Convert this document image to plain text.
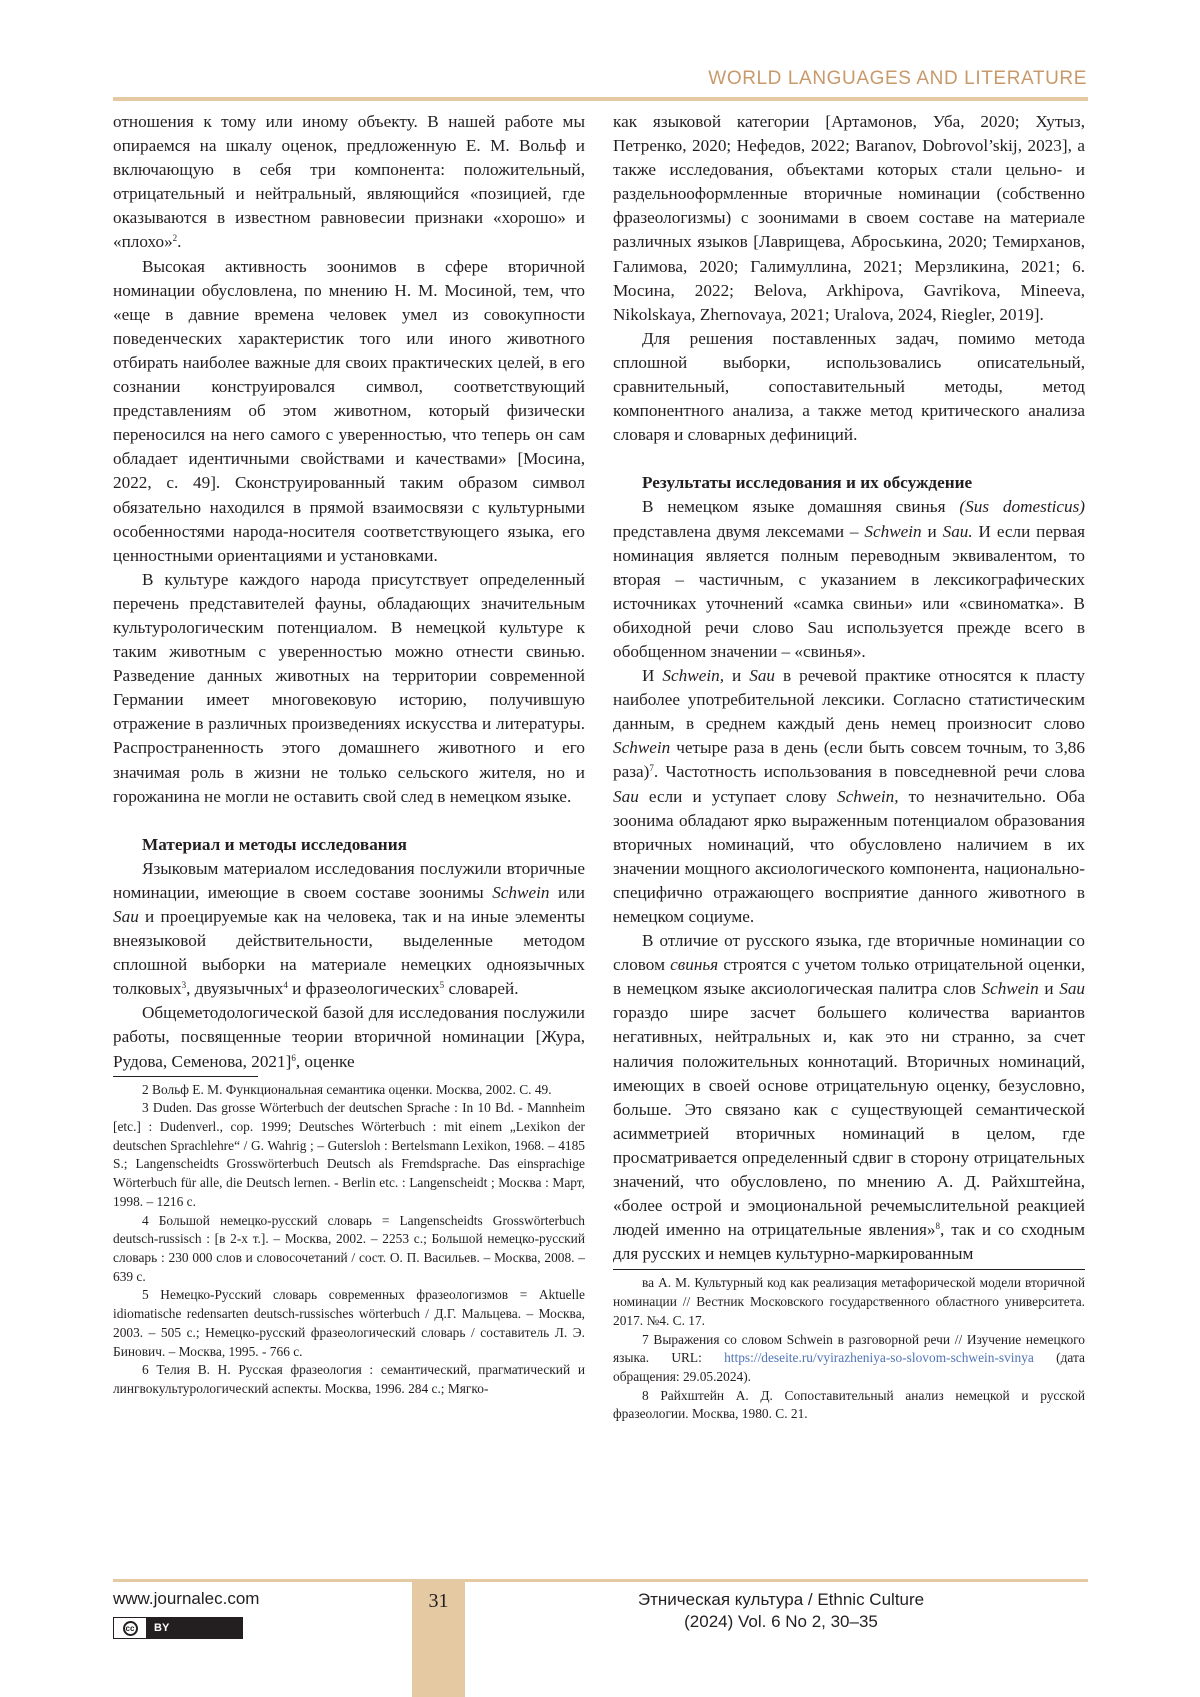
WORLD LANGUAGES AND LITERATURE

отношения к тому или иному объекту. В нашей работе мы опираемся на шкалу оценок, предложенную Е. М. Вольф и включающую в себя три компонента: положительный, отрицательный и нейтральный, являющийся «позицией, где оказываются в известном равновесии признаки «хорошо» и «плохо»$^2$.

Высокая активность зоонимов в сфере вторичной номинации обусловлена, по мнению Н. М. Мосиной, тем, что «еще в давние времена человек умел из совокупности поведенческих характеристик того или иного животного отбирать наиболее важные для своих практических целей, в его сознании конструировался символ, соответствующий представлениям об этом животном, который физически переносился на него самого с уверенностью, что теперь он сам обладает идентичными свойствами и качествами» [Мосина, 2022, с. 49]. Сконструированный таким образом символ обязательно находился в прямой взаимосвязи с культурными особенностями народа-носителя соответствующего языка, его ценностными ориентациями и установками.

В культуре каждого народа присутствует определенный перечень представителей фауны, обладающих значительным культурологическим потенциалом. В немецкой культуре к таким животным с уверенностью можно отнести свинью. Разведение данных животных на территории современной Германии имеет многовековую историю, получившую отражение в различных произведениях искусства и литературы. Распространенность этого домашнего животного и его значимая роль в жизни не только сельского жителя, но и горожанина не могли не оставить свой след в немецком языке.

Материал и методы исследования

Языковым материалом исследования послужили вторичные номинации, имеющие в своем составе зоонимы Schwein или Sau и проецируемые как на человека, так и на иные элементы внеязыковой действительности, выделенные методом сплошной выборки на материале немецких одноязычных толковых$^3$, двуязычных$^4$ и фразеологических$^5$ словарей.

Общеметодологической базой для исследования послужили работы, посвященные теории вторичной номинации [Жура, Рудова, Семенова, 2021]$^6$, оценке

2 Вольф Е. М. Функциональная семантика оценки. Москва, 2002. С. 49.

3 Duden. Das grosse Wörterbuch der deutschen Sprache : In 10 Bd. - Mannheim [etc.] : Dudenverl., cop. 1999; Deutsches Wörterbuch : mit einem „Lexikon der deutschen Sprachlehre“ / G. Wahrig ; – Gutersloh : Bertelsmann Lexikon, 1968. – 4185 S.; Langenscheidts Grosswörterbuch Deutsch als Fremdsprache. Das einsprachige Wörterbuch für alle, die Deutsch lernen. - Berlin etc. : Langenscheidt ; Москва : Март, 1998. – 1216 с.

4 Большой немецко-русский словарь = Langenscheidts Grosswörterbuch deutsch-russisch : [в 2-х т.]. – Москва, 2002. – 2253 с.; Большой немецко-русский словарь : 230 000 слов и словосочетаний / сост. О. П. Васильев. – Москва, 2008. – 639 с.

5 Немецко-Русский словарь современных фразеологизмов = Aktuelle idiomatische redensarten deutsch-russisches wörterbuch / Д.Г. Мальцева. – Москва, 2003. – 505 с.; Немецко-русский фразеологический словарь / составитель Л. Э. Бинович. – Москва, 1995. - 766 с.

6 Телия В. Н. Русская фразеология : семантический, прагматический и лингвокультурологический аспекты. Москва, 1996. 284 с.; Мягко-

как языковой категории [Артамонов, Уба, 2020; Хутыз, Петренко, 2020; Нефедов, 2022; Baranov, Dobrovol’skij, 2023], а также исследования, объектами которых стали цельно- и раздельнооформленные вторичные номинации (собственно фразеологизмы) с зоонимами в своем составе на материале различных языков [Лаврищева, Аброськина, 2020; Темирханов, Галимова, 2020; Галимуллина, 2021; Мерзликина, 2021; 6. Мосина, 2022; Belova, Arkhipova, Gavrikova, Mineeva, Nikolskaya, Zhernovaya, 2021; Uralova, 2024, Riegler, 2019].

Для решения поставленных задач, помимо метода сплошной выборки, использовались описательный, сравнительный, сопоставительный методы, метод компонентного анализа, а также метод критического анализа словаря и словарных дефиниций.

Результаты исследования и их обсуждение

В немецком языке домашняя свинья (Sus domesticus) представлена двумя лексемами – Schwein и Sau. И если первая номинация является полным переводным эквивалентом, то вторая – частичным, с указанием в лексикографических источниках уточнений «самка свиньи» или «свиноматка». В обиходной речи слово Sau используется прежде всего в обобщенном значении – «свинья».

И Schwein, и Sau в речевой практике относятся к пласту наиболее употребительной лексики. Согласно статистическим данным, в среднем каждый день немец произносит слово Schwein четыре раза в день (если быть совсем точным, то 3,86 раза)$^7$. Частотность использования в повседневной речи слова Sau если и уступает слову Schwein, то незначительно. Оба зоонима обладают ярко выраженным потенциалом образования вторичных номинаций, что обусловлено наличием в их значении мощного аксиологического компонента, национально-специфично отражающего восприятие данного животного в немецком социуме.

В отличие от русского языка, где вторичные номинации со словом свинья строятся с учетом только отрицательной оценки, в немецком языке аксиологическая палитра слов Schwein и Sau гораздо шире засчет большего количества вариантов негативных, нейтральных и, как это ни странно, за счет наличия положительных коннотаций. Вторичных номинаций, имеющих в своей основе отрицательную оценку, безусловно, больше. Это связано как с существующей семантической асимметрией вторичных номинаций в целом, где просматривается определенный сдвиг в сторону отрицательных значений, что обусловлено, по мнению А. Д. Райхштейна, «более острой и эмоциональной речемыслительной реакцией людей именно на отрицательные явления»$^8$, так и со сходным для русских и немцев культурно-маркированным

ва А. М. Культурный код как реализация метафорической модели вторичной номинации // Вестник Московского государственного областного университета. 2017. №4. С. 17.

7 Выражения со словом Schwein в разговорной речи // Изучение немецкого языка. URL: https://deseite.ru/vyirazheniya-so-slovom-schwein-svinya (дата обращения: 29.05.2024).

8 Райхштейн А. Д. Сопоставительный анализ немецкой и русской фразеологии. Москва, 1980. С. 21.

31
www.journalec.com
cc	BY
Этническая культура / Ethnic Culture
(2024) Vol. 6 No 2, 30–35
